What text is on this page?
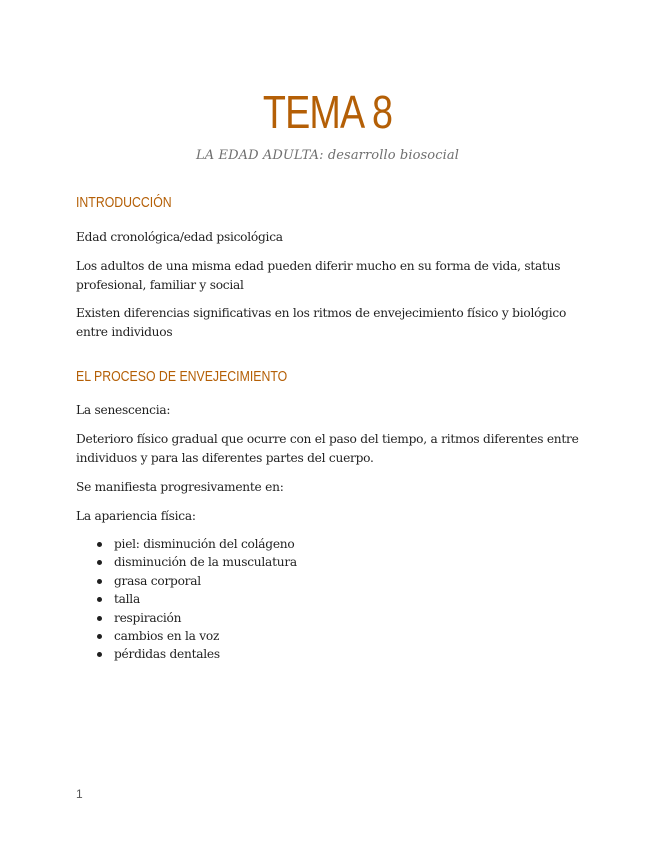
TEMA 8
LA EDAD ADULTA: desarrollo biosocial
INTRODUCCIÓN
Edad cronológica/edad psicológica
Los adultos de una misma edad pueden diferir mucho en su forma de vida, status profesional, familiar y social
Existen diferencias significativas en los ritmos de envejecimiento físico y biológico entre individuos
EL PROCESO DE ENVEJECIMIENTO
La senescencia:
Deterioro físico gradual que ocurre con el paso del tiempo, a ritmos diferentes entre individuos y para las diferentes partes del cuerpo.
Se manifiesta progresivamente en:
La apariencia física:
piel: disminución del colágeno
disminución de la musculatura
grasa corporal
talla
respiración
cambios en la voz
pérdidas dentales
1
